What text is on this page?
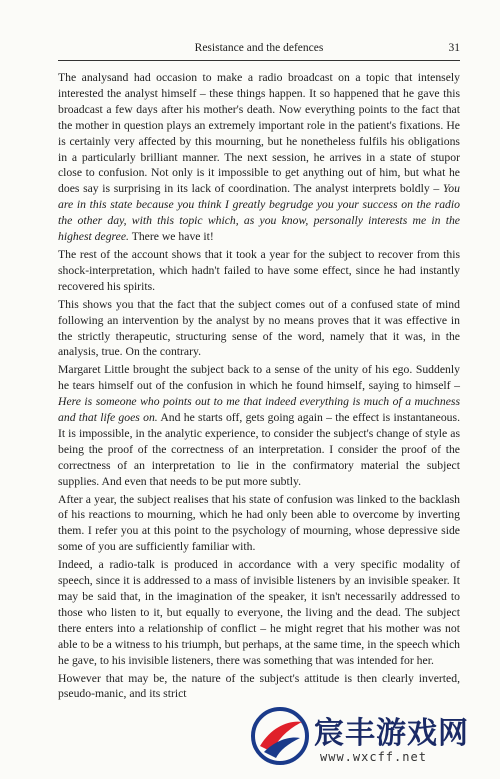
Resistance and the defences	31

The analysand had occasion to make a radio broadcast on a topic that intensely interested the analyst himself – these things happen. It so happened that he gave this broadcast a few days after his mother's death. Now everything points to the fact that the mother in question plays an extremely important role in the patient's fixations. He is certainly very affected by this mourning, but he nonetheless fulfils his obligations in a particularly brilliant manner. The next session, he arrives in a state of stupor close to confusion. Not only is it impossible to get anything out of him, but what he does say is surprising in its lack of coordination. The analyst interprets boldly – You are in this state because you think I greatly begrudge you your success on the radio the other day, with this topic which, as you know, personally interests me in the highest degree. There we have it!

The rest of the account shows that it took a year for the subject to recover from this shock-interpretation, which hadn't failed to have some effect, since he had instantly recovered his spirits.

This shows you that the fact that the subject comes out of a confused state of mind following an intervention by the analyst by no means proves that it was effective in the strictly therapeutic, structuring sense of the word, namely that it was, in the analysis, true. On the contrary.

Margaret Little brought the subject back to a sense of the unity of his ego. Suddenly he tears himself out of the confusion in which he found himself, saying to himself – Here is someone who points out to me that indeed everything is much of a muchness and that life goes on. And he starts off, gets going again – the effect is instantaneous. It is impossible, in the analytic experience, to consider the subject's change of style as being the proof of the correctness of an interpretation. I consider the proof of the correctness of an interpretation to lie in the confirmatory material the subject supplies. And even that needs to be put more subtly.

After a year, the subject realises that his state of confusion was linked to the backlash of his reactions to mourning, which he had only been able to overcome by inverting them. I refer you at this point to the psychology of mourning, whose depressive side some of you are sufficiently familiar with.

Indeed, a radio-talk is produced in accordance with a very specific modality of speech, since it is addressed to a mass of invisible listeners by an invisible speaker. It may be said that, in the imagination of the speaker, it isn't necessarily addressed to those who listen to it, but equally to everyone, the living and the dead. The subject there enters into a relationship of conflict – he might regret that his mother was not able to be a witness to his triumph, but perhaps, at the same time, in the speech which he gave, to his invisible listeners, there was something that was intended for her.

However that may be, the nature of the subject's attitude is then clearly inverted, pseudo-manic, and its strict

宸丰游戏网
www.wxcff.net
